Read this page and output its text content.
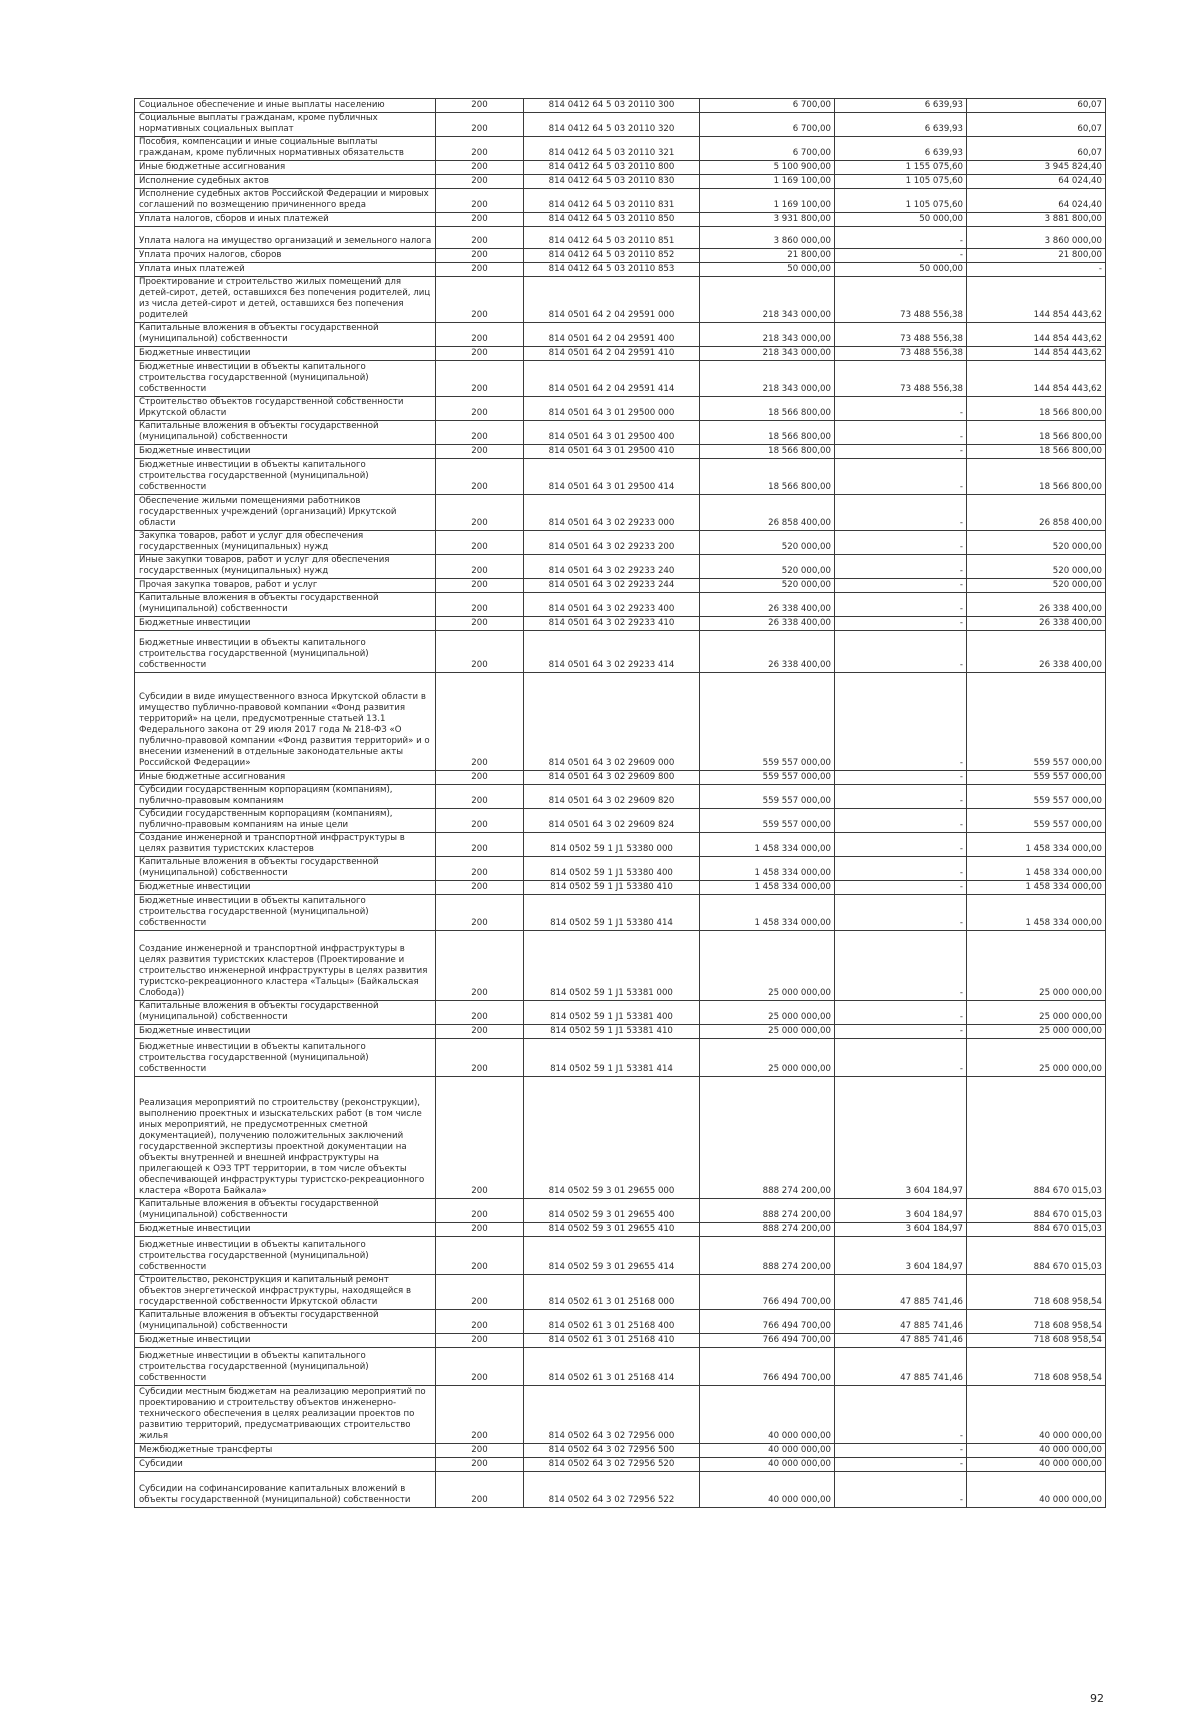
Социальное обеспечение и иные выплаты населению	200	814 0412 64 5 03 20110 300	6 700,00	6 639,93	60,07
Социальные выплаты гражданам, кроме публичных нормативных социальных выплат	200	814 0412 64 5 03 20110 320	6 700,00	6 639,93	60,07
Пособия, компенсации и иные социальные выплаты гражданам, кроме публичных нормативных обязательств	200	814 0412 64 5 03 20110 321	6 700,00	6 639,93	60,07
Иные бюджетные ассигнования	200	814 0412 64 5 03 20110 800	5 100 900,00	1 155 075,60	3 945 824,40
Исполнение судебных актов	200	814 0412 64 5 03 20110 830	1 169 100,00	1 105 075,60	64 024,40
Исполнение судебных актов Российской Федерации и мировых соглашений по возмещению причиненного вреда	200	814 0412 64 5 03 20110 831	1 169 100,00	1 105 075,60	64 024,40
Уплата налогов, сборов и иных платежей	200	814 0412 64 5 03 20110 850	3 931 800,00	50 000,00	3 881 800,00
Уплата налога на имущество организаций и земельного налога	200	814 0412 64 5 03 20110 851	3 860 000,00	-	3 860 000,00
Уплата прочих налогов, сборов	200	814 0412 64 5 03 20110 852	21 800,00	-	21 800,00
Уплата иных платежей	200	814 0412 64 5 03 20110 853	50 000,00	50 000,00	-
Проектирование и строительство жилых помещений для детей-сирот, детей, оставшихся без попечения родителей, лиц из числа детей-сирот и детей, оставшихся без попечения родителей	200	814 0501 64 2 04 29591 000	218 343 000,00	73 488 556,38	144 854 443,62
Капитальные вложения в объекты государственной (муниципальной) собственности	200	814 0501 64 2 04 29591 400	218 343 000,00	73 488 556,38	144 854 443,62
Бюджетные инвестиции	200	814 0501 64 2 04 29591 410	218 343 000,00	73 488 556,38	144 854 443,62
Бюджетные инвестиции в объекты капитального строительства государственной (муниципальной) собственности	200	814 0501 64 2 04 29591 414	218 343 000,00	73 488 556,38	144 854 443,62
Строительство объектов государственной собственности Иркутской области	200	814 0501 64 3 01 29500 000	18 566 800,00	-	18 566 800,00
Капитальные вложения в объекты государственной (муниципальной) собственности	200	814 0501 64 3 01 29500 400	18 566 800,00	-	18 566 800,00
Бюджетные инвестиции	200	814 0501 64 3 01 29500 410	18 566 800,00	-	18 566 800,00
Бюджетные инвестиции в объекты капитального строительства государственной (муниципальной) собственности	200	814 0501 64 3 01 29500 414	18 566 800,00	-	18 566 800,00
Обеспечение жильми помещениями работников государственных учреждений (организаций) Иркутской области	200	814 0501 64 3 02 29233 000	26 858 400,00	-	26 858 400,00
Закупка товаров, работ и услуг для обеспечения государственных (муниципальных) нужд	200	814 0501 64 3 02 29233 200	520 000,00	-	520 000,00
Иные закупки товаров, работ и услуг для обеспечения государственных (муниципальных) нужд	200	814 0501 64 3 02 29233 240	520 000,00	-	520 000,00
Прочая закупка товаров, работ и услуг	200	814 0501 64 3 02 29233 244	520 000,00	-	520 000,00
Капитальные вложения в объекты государственной (муниципальной) собственности	200	814 0501 64 3 02 29233 400	26 338 400,00	-	26 338 400,00
Бюджетные инвестиции	200	814 0501 64 3 02 29233 410	26 338 400,00	-	26 338 400,00
Бюджетные инвестиции в объекты капитального строительства государственной (муниципальной) собственности	200	814 0501 64 3 02 29233 414	26 338 400,00	-	26 338 400,00
Субсидии в виде имущественного взноса Иркутской области в имущество публично-правовой компании «Фонд развития территорий» на цели, предусмотренные статьей 13.1 Федерального закона от 29 июля 2017 года № 218-ФЗ «О публично-правовой компании «Фонд развития территорий» и о внесении изменений в отдельные законодательные акты Российской Федерации»	200	814 0501 64 3 02 29609 000	559 557 000,00	-	559 557 000,00
Иные бюджетные ассигнования	200	814 0501 64 3 02 29609 800	559 557 000,00	-	559 557 000,00
Субсидии государственным корпорациям (компаниям), публично-правовым компаниям	200	814 0501 64 3 02 29609 820	559 557 000,00	-	559 557 000,00
Субсидии государственным корпорациям (компаниям), публично-правовым компаниям на иные цели	200	814 0501 64 3 02 29609 824	559 557 000,00	-	559 557 000,00
Создание инженерной и транспортной инфраструктуры в целях развития туристских кластеров	200	814 0502 59 1 J1 53380 000	1 458 334 000,00	-	1 458 334 000,00
Капитальные вложения в объекты государственной (муниципальной) собственности	200	814 0502 59 1 J1 53380 400	1 458 334 000,00	-	1 458 334 000,00
Бюджетные инвестиции	200	814 0502 59 1 J1 53380 410	1 458 334 000,00	-	1 458 334 000,00
Бюджетные инвестиции в объекты капитального строительства государственной (муниципальной) собственности	200	814 0502 59 1 J1 53380 414	1 458 334 000,00	-	1 458 334 000,00
Создание инженерной и транспортной инфраструктуры в целях развития туристских кластеров (Проектирование и строительство инженерной инфраструктуры в целях развития туристско-рекреационного кластера «Тальцы» (Байкальская Слобода))	200	814 0502 59 1 J1 53381 000	25 000 000,00	-	25 000 000,00
Капитальные вложения в объекты государственной (муниципальной) собственности	200	814 0502 59 1 J1 53381 400	25 000 000,00	-	25 000 000,00
Бюджетные инвестиции	200	814 0502 59 1 J1 53381 410	25 000 000,00	-	25 000 000,00
Бюджетные инвестиции в объекты капитального строительства государственной (муниципальной) собственности	200	814 0502 59 1 J1 53381 414	25 000 000,00	-	25 000 000,00
Реализация мероприятий по строительству (реконструкции), выполнению проектных и изыскательских работ (в том числе иных мероприятий, не предусмотренных сметной документацией), получению положительных заключений государственной экспертизы проектной документации на объекты внутренней и внешней инфраструктуры на прилегающей к ОЭЗ ТРТ территории, в том числе объекты обеспечивающей инфраструктуры туристско-рекреационного кластера «Ворота Байкала»	200	814 0502 59 3 01 29655 000	888 274 200,00	3 604 184,97	884 670 015,03
Капитальные вложения в объекты государственной (муниципальной) собственности	200	814 0502 59 3 01 29655 400	888 274 200,00	3 604 184,97	884 670 015,03
Бюджетные инвестиции	200	814 0502 59 3 01 29655 410	888 274 200,00	3 604 184,97	884 670 015,03
Бюджетные инвестиции в объекты капитального строительства государственной (муниципальной) собственности	200	814 0502 59 3 01 29655 414	888 274 200,00	3 604 184,97	884 670 015,03
Строительство, реконструкция и капитальный ремонт объектов энергетической инфраструктуры, находящейся в государственной собственности Иркутской области	200	814 0502 61 3 01 25168 000	766 494 700,00	47 885 741,46	718 608 958,54
Капитальные вложения в объекты государственной (муниципальной) собственности	200	814 0502 61 3 01 25168 400	766 494 700,00	47 885 741,46	718 608 958,54
Бюджетные инвестиции	200	814 0502 61 3 01 25168 410	766 494 700,00	47 885 741,46	718 608 958,54
Бюджетные инвестиции в объекты капитального строительства государственной (муниципальной) собственности	200	814 0502 61 3 01 25168 414	766 494 700,00	47 885 741,46	718 608 958,54
Субсидии местным бюджетам на реализацию мероприятий по проектированию и строительству объектов инженерно-технического обеспечения в целях реализации проектов по развитию территорий, предусматривающих строительство жилья	200	814 0502 64 3 02 72956 000	40 000 000,00	-	40 000 000,00
Межбюджетные трансферты	200	814 0502 64 3 02 72956 500	40 000 000,00	-	40 000 000,00
Субсидии	200	814 0502 64 3 02 72956 520	40 000 000,00	-	40 000 000,00
Субсидии на софинансирование капитальных вложений в объекты государственной (муниципальной) собственности	200	814 0502 64 3 02 72956 522	40 000 000,00	-	40 000 000,00
92
